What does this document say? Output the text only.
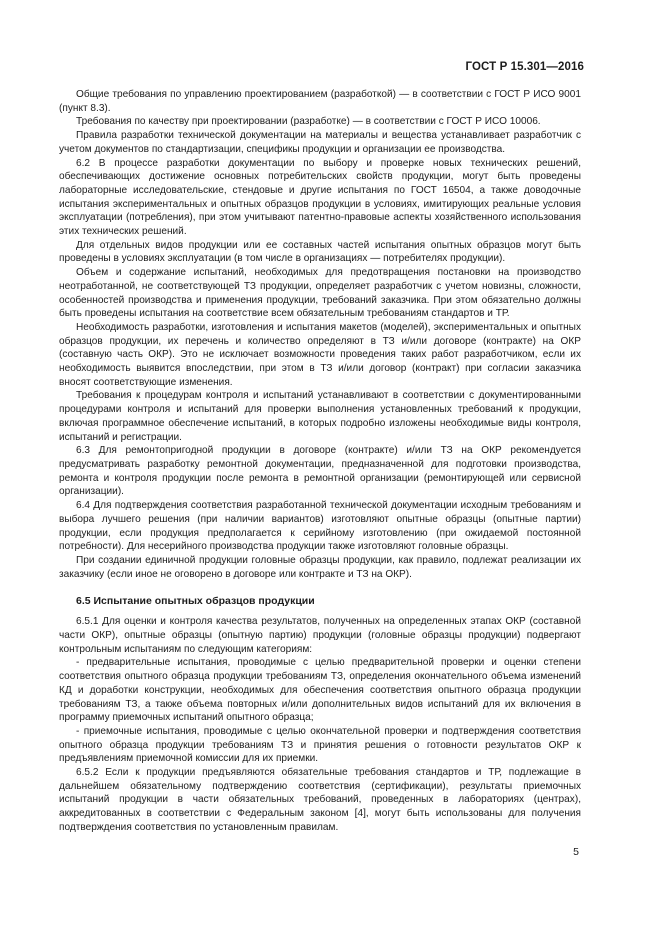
ГОСТ Р 15.301—2016

Общие требования по управлению проектированием (разработкой) — в соответствии с ГОСТ Р ИСО 9001 (пункт 8.3).

Требования по качеству при проектировании (разработке) — в соответствии с ГОСТ Р ИСО 10006.

Правила разработки технической документации на материалы и вещества устанавливает разработчик с учетом документов по стандартизации, спецификы продукции и организации ее производства.

6.2 В процессе разработки документации по выбору и проверке новых технических решений, обеспечивающих достижение основных потребительских свойств продукции, могут быть проведены лабораторные исследовательские, стендовые и другие испытания по ГОСТ 16504, а также доводочные испытания экспериментальных и опытных образцов продукции в условиях, имитирующих реальные условия эксплуатации (потребления), при этом учитывают патентно-правовые аспекты хозяйственного использования этих технических решений.

Для отдельных видов продукции или ее составных частей испытания опытных образцов могут быть проведены в условиях эксплуатации (в том числе в организациях — потребителях продукции).

Объем и содержание испытаний, необходимых для предотвращения постановки на производство неотработанной, не соответствующей ТЗ продукции, определяет разработчик с учетом новизны, сложности, особенностей производства и применения продукции, требований заказчика. При этом обязательно должны быть проведены испытания на соответствие всем обязательным требованиям стандартов и ТР.

Необходимость разработки, изготовления и испытания макетов (моделей), экспериментальных и опытных образцов продукции, их перечень и количество определяют в ТЗ и/или договоре (контракте) на ОКР (составную часть ОКР). Это не исключает возможности проведения таких работ разработчиком, если их необходимость выявится впоследствии, при этом в ТЗ и/или договор (контракт) при согласии заказчика вносят соответствующие изменения.

Требования к процедурам контроля и испытаний устанавливают в соответствии с документированными процедурами контроля и испытаний для проверки выполнения установленных требований к продукции, включая программное обеспечение испытаний, в которых подробно изложены необходимые виды контроля, испытаний и регистрации.

6.3 Для ремонтопригодной продукции в договоре (контракте) и/или ТЗ на ОКР рекомендуется предусматривать разработку ремонтной документации, предназначенной для подготовки производства, ремонта и контроля продукции после ремонта в ремонтной организации (ремонтирующей или сервисной организации).

6.4 Для подтверждения соответствия разработанной технической документации исходным требованиям и выбора лучшего решения (при наличии вариантов) изготовляют опытные образцы (опытные партии) продукции, если продукция предполагается к серийному изготовлению (при ожидаемой постоянной потребности). Для несерийного производства продукции также изготовляют головные образцы.

При создании единичной продукции головные образцы продукции, как правило, подлежат реализации их заказчику (если иное не оговорено в договоре или контракте и ТЗ на ОКР).

6.5 Испытание опытных образцов продукции

6.5.1 Для оценки и контроля качества результатов, полученных на определенных этапах ОКР (составной части ОКР), опытные образцы (опытную партию) продукции (головные образцы продукции) подвергают контрольным испытаниям по следующим категориям:

- предварительные испытания, проводимые с целью предварительной проверки и оценки степени соответствия опытного образца продукции требованиям ТЗ, определения окончательного объема изменений КД и доработки конструкции, необходимых для обеспечения соответствия опытного образца продукции требованиям ТЗ, а также объема повторных и/или дополнительных видов испытаний для их включения в программу приемочных испытаний опытного образца;

- приемочные испытания, проводимые с целью окончательной проверки и подтверждения соответствия опытного образца продукции требованиям ТЗ и принятия решения о готовности результатов ОКР к предъявлениям приемочной комиссии для их приемки.

6.5.2 Если к продукции предъявляются обязательные требования стандартов и ТР, подлежащие в дальнейшем обязательному подтверждению соответствия (сертификации), результаты приемочных испытаний продукции в части обязательных требований, проведенных в лабораториях (центрах), аккредитованных в соответствии с Федеральным законом [4], могут быть использованы для получения подтверждения соответствия по установленным правилам.

5
